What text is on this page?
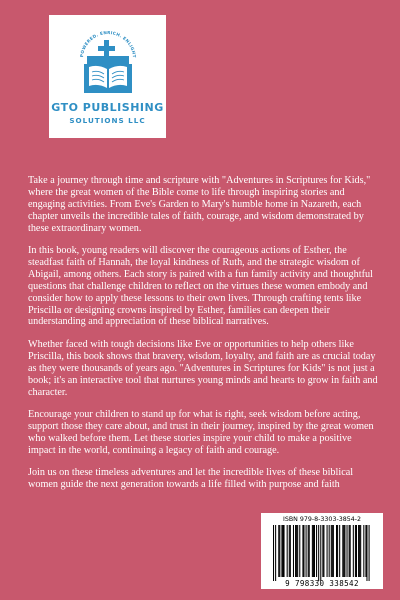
POWERED. ENRICH. ENLIGHT
GTO PUBLISHING
SOLUTIONS LLC

Take a journey through time and scripture with "Adventures in Scriptures for Kids," where the great women of the Bible come to life through inspiring stories and engaging activities. From Eve's Garden to Mary's humble home in Nazareth, each chapter unveils the incredible tales of faith, courage, and wisdom demonstrated by these extraordinary women.

In this book, young readers will discover the courageous actions of Esther, the steadfast faith of Hannah, the loyal kindness of Ruth, and the strategic wisdom of Abigail, among others. Each story is paired with a fun family activity and thoughtful questions that challenge children to reflect on the virtues these women embody and consider how to apply these lessons to their own lives. Through crafting tents like Priscilla or designing crowns inspired by Esther, families can deepen their understanding and appreciation of these biblical narratives.

Whether faced with tough decisions like Eve or opportunities to help others like Priscilla, this book shows that bravery, wisdom, loyalty, and faith are as crucial today as they were thousands of years ago. "Adventures in Scriptures for Kids" is not just a book; it's an interactive tool that nurtures young minds and hearts to grow in faith and character.

Encourage your children to stand up for what is right, seek wisdom before acting, support those they care about, and trust in their journey, inspired by the great women who walked before them. Let these stories inspire your child to make a positive impact in the world, continuing a legacy of faith and courage.

Join us on these timeless adventures and let the incredible lives of these biblical women guide the next generation towards a life filled with purpose and faith

ISBN 979-8-3303-3854-2
9 798330 338542
